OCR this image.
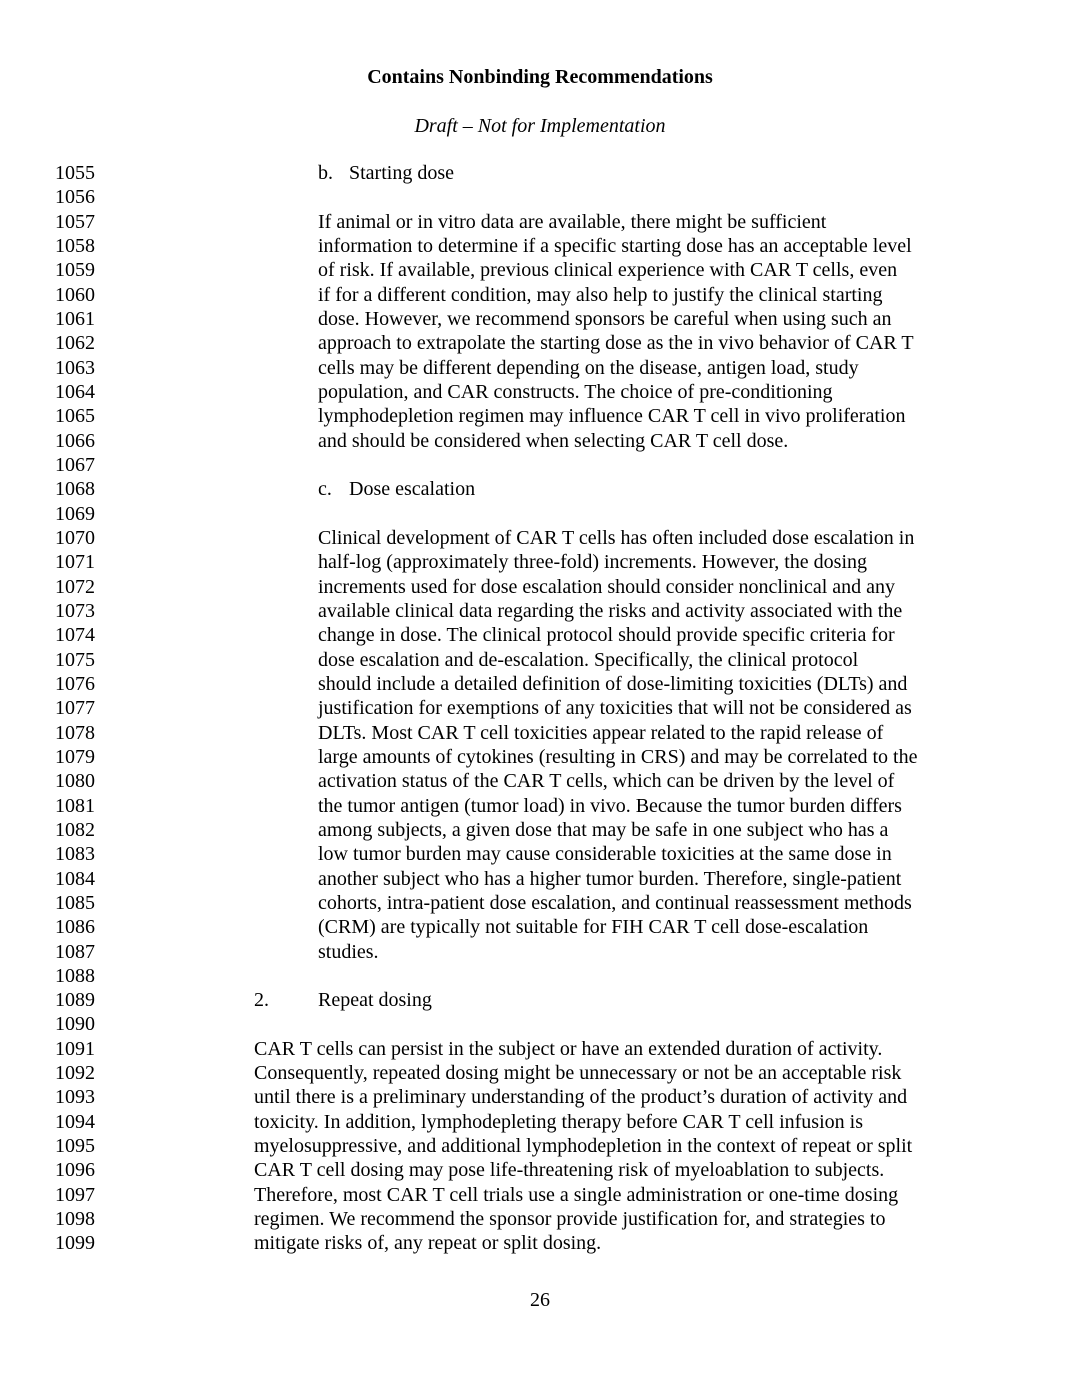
Contains Nonbinding Recommendations
Draft – Not for Implementation
1055	b. Starting dose
1056
1057	If animal or in vitro data are available, there might be sufficient
1058	information to determine if a specific starting dose has an acceptable level
1059	of risk. If available, previous clinical experience with CAR T cells, even
1060	if for a different condition, may also help to justify the clinical starting
1061	dose. However, we recommend sponsors be careful when using such an
1062	approach to extrapolate the starting dose as the in vivo behavior of CAR T
1063	cells may be different depending on the disease, antigen load, study
1064	population, and CAR constructs. The choice of pre-conditioning
1065	lymphodepletion regimen may influence CAR T cell in vivo proliferation
1066	and should be considered when selecting CAR T cell dose.
1067
1068	c. Dose escalation
1069
1070	Clinical development of CAR T cells has often included dose escalation in
1071	half-log (approximately three-fold) increments. However, the dosing
1072	increments used for dose escalation should consider nonclinical and any
1073	available clinical data regarding the risks and activity associated with the
1074	change in dose. The clinical protocol should provide specific criteria for
1075	dose escalation and de-escalation. Specifically, the clinical protocol
1076	should include a detailed definition of dose-limiting toxicities (DLTs) and
1077	justification for exemptions of any toxicities that will not be considered as
1078	DLTs. Most CAR T cell toxicities appear related to the rapid release of
1079	large amounts of cytokines (resulting in CRS) and may be correlated to the
1080	activation status of the CAR T cells, which can be driven by the level of
1081	the tumor antigen (tumor load) in vivo. Because the tumor burden differs
1082	among subjects, a given dose that may be safe in one subject who has a
1083	low tumor burden may cause considerable toxicities at the same dose in
1084	another subject who has a higher tumor burden. Therefore, single-patient
1085	cohorts, intra-patient dose escalation, and continual reassessment methods
1086	(CRM) are typically not suitable for FIH CAR T cell dose-escalation
1087	studies.
1088
1089	2. Repeat dosing
1090
1091	CAR T cells can persist in the subject or have an extended duration of activity.
1092	Consequently, repeated dosing might be unnecessary or not be an acceptable risk
1093	until there is a preliminary understanding of the product’s duration of activity and
1094	toxicity. In addition, lymphodepleting therapy before CAR T cell infusion is
1095	myelosuppressive, and additional lymphodepletion in the context of repeat or split
1096	CAR T cell dosing may pose life-threatening risk of myeloablation to subjects.
1097	Therefore, most CAR T cell trials use a single administration or one-time dosing
1098	regimen. We recommend the sponsor provide justification for, and strategies to
1099	mitigate risks of, any repeat or split dosing.
26
